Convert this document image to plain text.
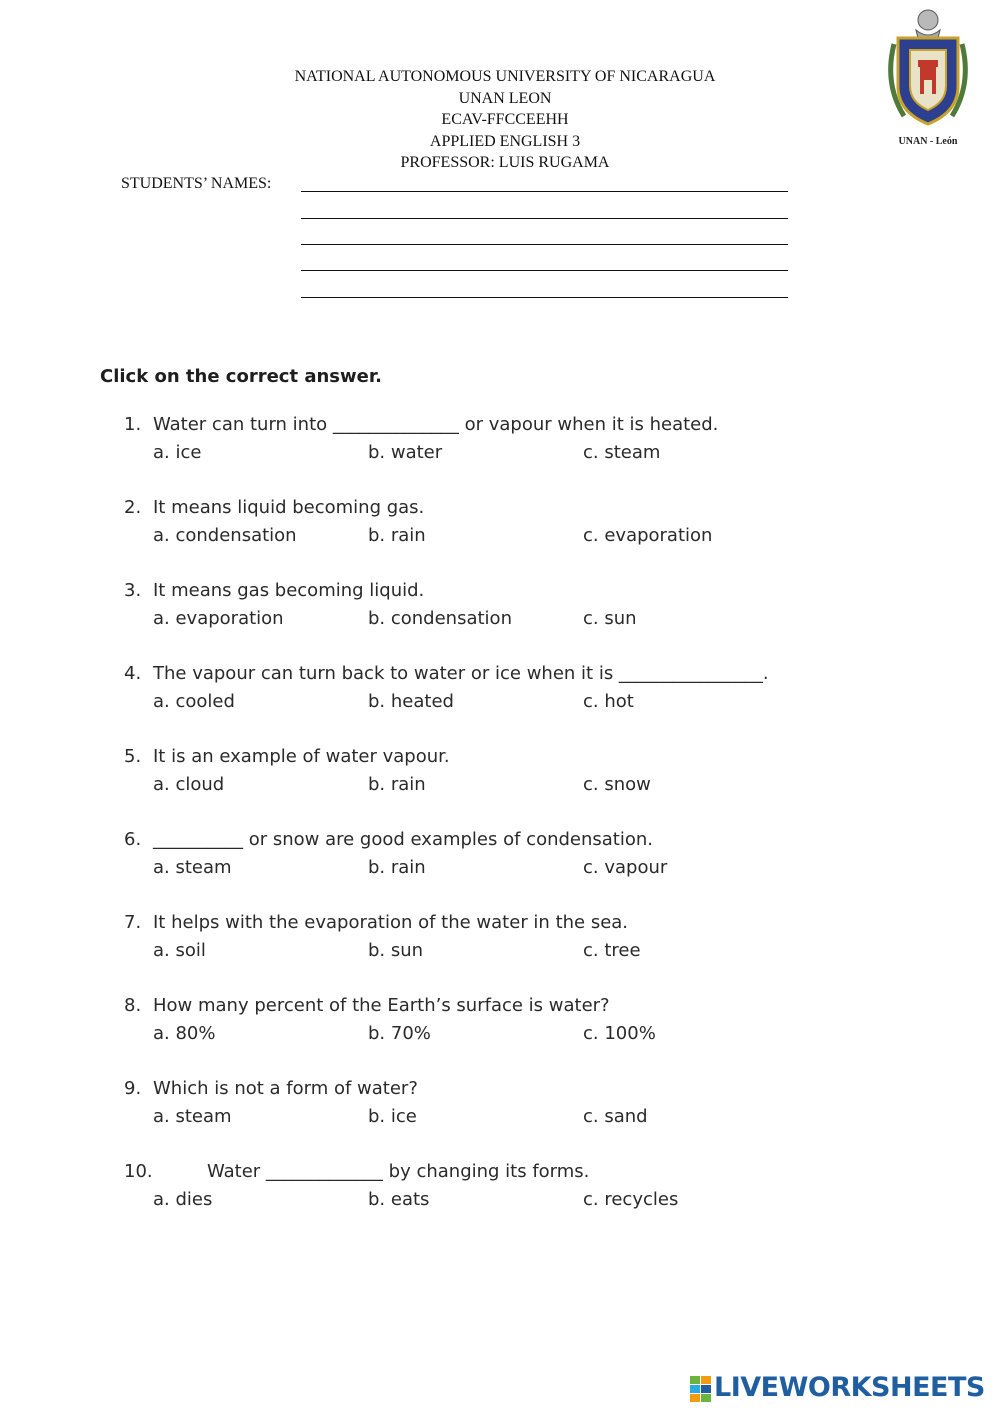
NATIONAL AUTONOMOUS UNIVERSITY OF NICARAGUA
UNAN LEON
ECAV-FFCCEEHH
APPLIED ENGLISH 3
PROFESSOR: LUIS RUGAMA
UNAN - León
STUDENTS’ NAMES:
Click on the correct answer.
1. Water can turn into ______________ or vapour when it is heated.
a. ice	b. water	c. steam
2. It means liquid becoming gas.
a. condensation	b. rain	c. evaporation
3. It means gas becoming liquid.
a. evaporation	b. condensation	c. sun
4. The vapour can turn back to water or ice when it is ________________.
a. cooled	b. heated	c. hot
5. It is an example of water vapour.
a. cloud	b. rain	c. snow
6. __________ or snow are good examples of condensation.
a. steam	b. rain	c. vapour
7. It helps with the evaporation of the water in the sea.
a. soil	b. sun	c. tree
8. How many percent of the Earth’s surface is water?
a. 80%	b. 70%	c. 100%
9. Which is not a form of water?
a. steam	b. ice	c. sand
10.	Water _____________ by changing its forms.
a. dies	b. eats	c. recycles
LIVEWORKSHEETS
